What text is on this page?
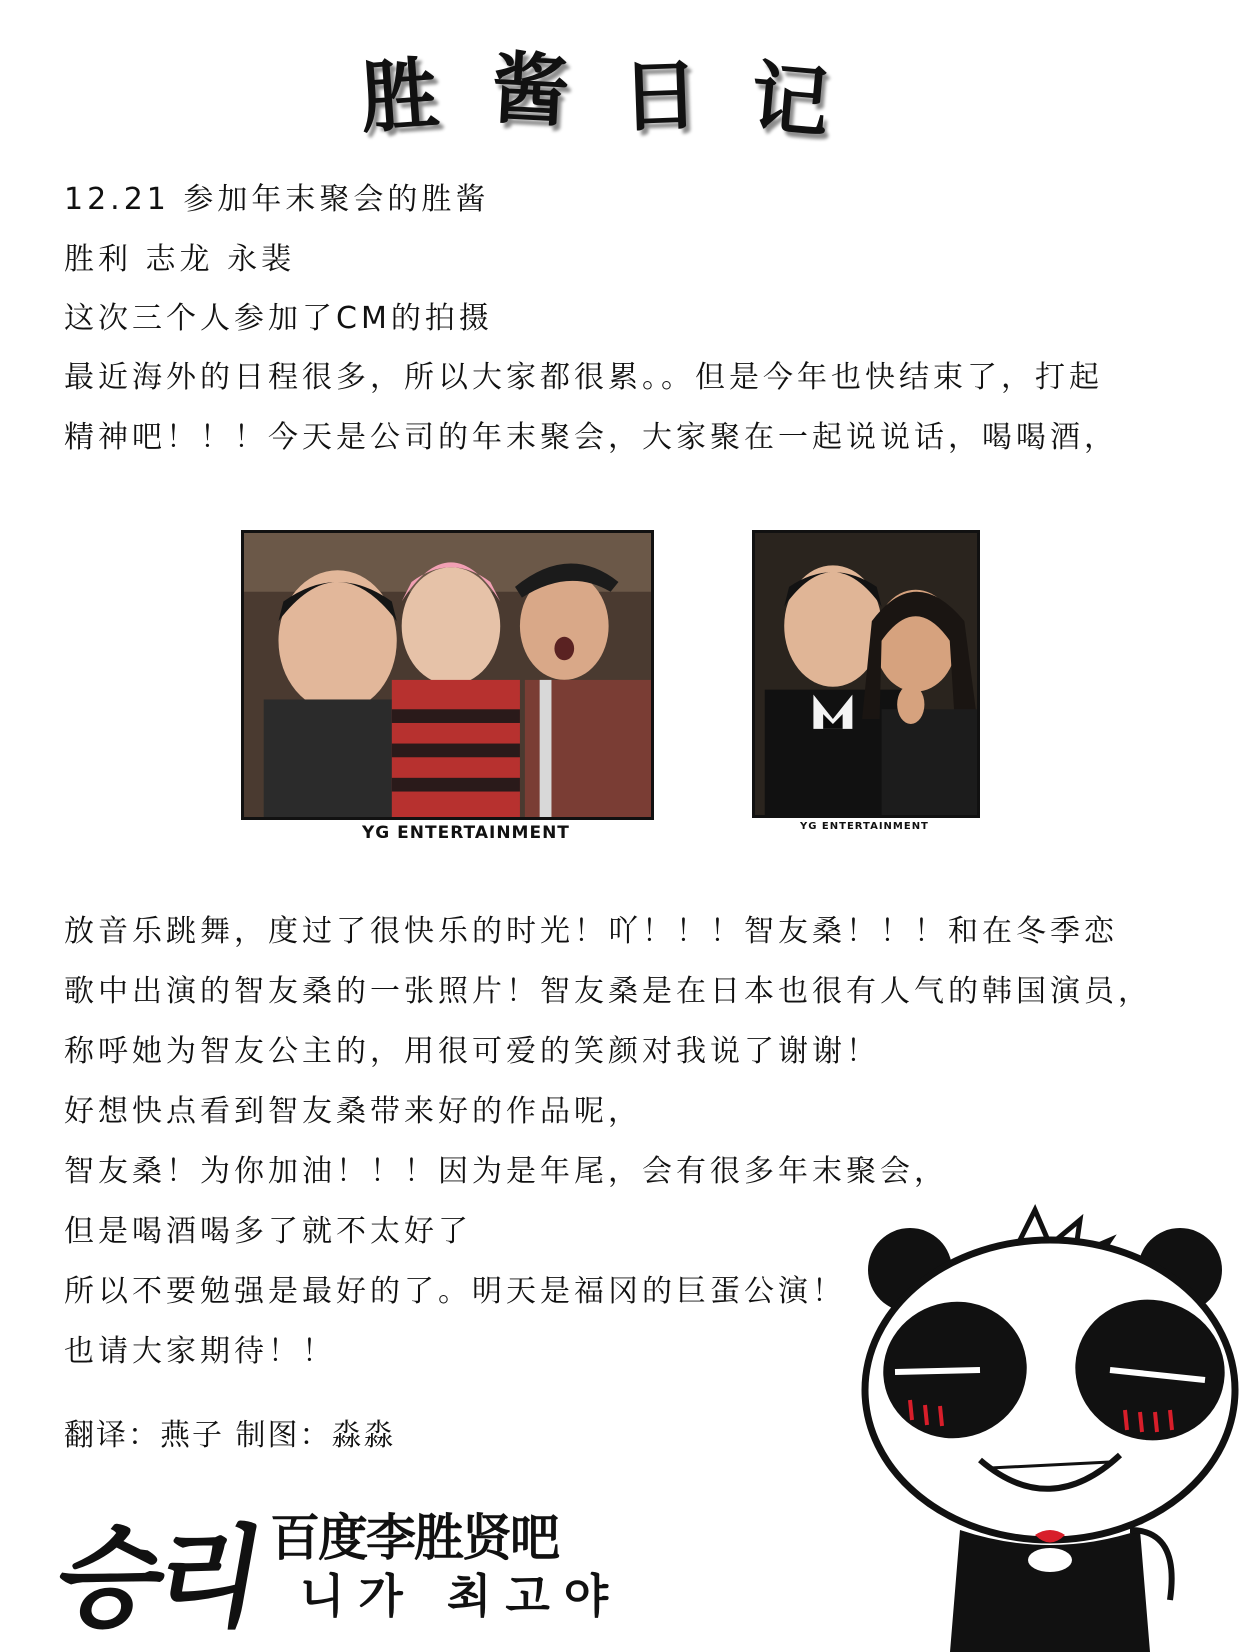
胜 酱 日 记
12.21 参加年末聚会的胜酱
胜利 志龙 永裴
这次三个人参加了CM的拍摄
最近海外的日程很多，所以大家都很累。。但是今年也快结束了，打起
精神吧！！！今天是公司的年末聚会，大家聚在一起说说话，喝喝酒，
YG ENTERTAINMENT	YG ENTERTAINMENT
放音乐跳舞，度过了很快乐的时光！吖！！！智友桑！！！和在冬季恋
歌中出演的智友桑的一张照片！智友桑是在日本也很有人气的韩国演员，
称呼她为智友公主的，用很可爱的笑颜对我说了谢谢！
好想快点看到智友桑带来好的作品呢，
智友桑！为你加油！！！因为是年尾，会有很多年末聚会，
但是喝酒喝多了就不太好了
所以不要勉强是最好的了。明天是福冈的巨蛋公演！
也请大家期待！！
翻译：燕子 制图：淼淼
승리 百度李胜贤吧
니가 최고야
